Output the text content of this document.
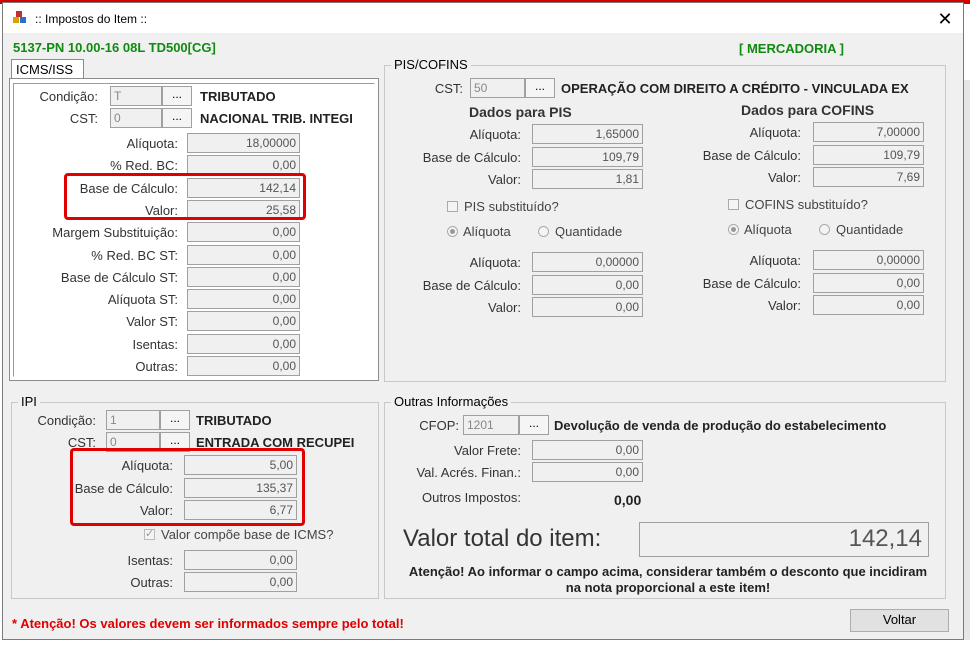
:: Impostos do Item ::	✕
5137-PN 10.00-16 08L TD500[CG]	[ MERCADORIA ]
ICMS/ISS
Condição:	T	...	TRIBUTADO
CST:	0	...	NACIONAL TRIB. INTEGI
Alíquota:	18,00000
% Red. BC:	0,00
Base de Cálculo:	142,14
Valor:	25,58
Margem Substituição:	0,00
% Red. BC ST:	0,00
Base de Cálculo ST:	0,00
Alíquota ST:	0,00
Valor ST:	0,00
Isentas:	0,00
Outras:	0,00
PIS/COFINS
CST: 50	...	OPERAÇÃO COM DIREITO A CRÉDITO - VINCULADA EX
Dados para PIS	Dados para COFINS
Alíquota:	1,65000
Base de Cálculo:	109,79
Valor:	1,81
PIS substituído?
Alíquota	Quantidade
Alíquota:	0,00000
Base de Cálculo:	0,00
Valor:	0,00
Alíquota:	7,00000
Base de Cálculo:	109,79
Valor:	7,69
COFINS substituído?
Alíquota	Quantidade
Alíquota:	0,00000
Base de Cálculo:	0,00
Valor:	0,00
IPI
Condição:	1	...	TRIBUTADO
CST:	0	...	ENTRADA COM RECUPEI
Alíquota:	5,00
Base de Cálculo:	135,37
Valor:	6,77
✓
Valor compõe base de ICMS?
Isentas:	0,00
Outras:	0,00
Outras Informações
CFOP: 1201	...	Devolução de venda de produção do estabelecimento
Valor Frete:	0,00
Val. Acrés. Finan.:	0,00
Outros Impostos:	0,00
Valor total do item:	142,14
Atenção! Ao informar o campo acima, considerar também o desconto que incidiram na nota proporcional a este item!
* Atenção! Os valores devem ser informados sempre pelo total!	Voltar
